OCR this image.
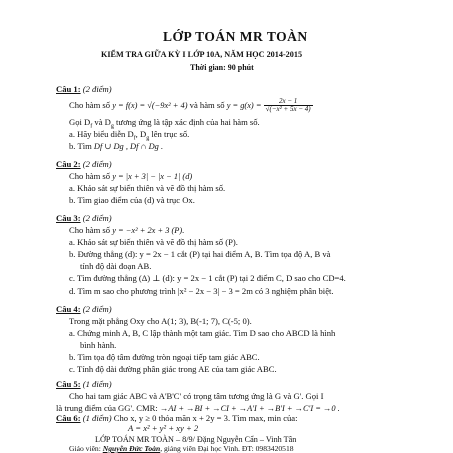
LỚP TOÁN MR TOÀN
KIỂM TRA GIỮA KỲ I LỚP 10A, NĂM HỌC 2014-2015
Thời gian: 90 phút
Câu 1: (2 điểm)
Cho hàm số y = f(x) = √(−9x² + 4) và hàm số $y = g(x) = \frac{2x - 1}{\text{√(−x² + 5x − 4)}}$
Gọi $D_f$ và $D_g$ tương ứng là tập xác định của hai hàm số.
a. Hãy biểu diễn $D_f$, $D_g$ lên trục số.
b. Tìm Df ∪ Dg , Df ∩ Dg .
Câu 2: (2 điểm)
Cho hàm số y = |x + 3| − |x − 1| (d)
a. Khảo sát sự biến thiên và vẽ đồ thị hàm số.
b. Tìm giao điểm của (d) và trục Ox.
Câu 3: (2 điểm)
Cho hàm số y = −x² + 2x + 3 (P).
a. Khảo sát sự biến thiên và vẽ đồ thị hàm số (P).
b. Đường thẳng (d): y = 2x − 1 cắt (P) tại hai điểm A, B. Tìm tọa độ A, B và
tính độ dài đoạn AB.
c. Tìm đường thẳng (Δ) ⊥ (d): y = 2x − 1 cắt (P) tại 2 điểm C, D sao cho CD=4.
d. Tìm m sao cho phương trình |x² − 2x − 3| − 3 = 2m có 3 nghiệm phân biệt.
Câu 4: (2 điểm)
Trong mặt phẳng Oxy cho A(1; 3), B(-1; 7), C(-5; 0).
a. Chứng minh A, B, C lập thành một tam giác. Tìm D sao cho ABCD là hình
bình hành.
b. Tìm tọa độ tâm đường tròn ngoại tiếp tam giác ABC.
c. Tính độ dài đường phân giác trong AE của tam giác ABC.
Câu 5: (1 điểm)
Cho hai tam giác ABC và A'B'C' có trọng tâm tương ứng là G và G'. Gọi I
là trung điểm của GG'. CMR: →AI + →BI + →CI + →A'I + →B'I + →C'I = →0 .
Câu 6: (1 điểm) Cho x, y ≥ 0 thỏa mãn x + 2y = 3. Tìm max, min của:
A = x² + y² + xy + 2
LỚP TOÁN MR TOÀN – 8/9/ Đặng Nguyễn Cẩn – Vinh Tân
Giáo viên: Nguyễn Đức Toàn, giảng viên Đại học Vinh. ĐT: 0983420518
